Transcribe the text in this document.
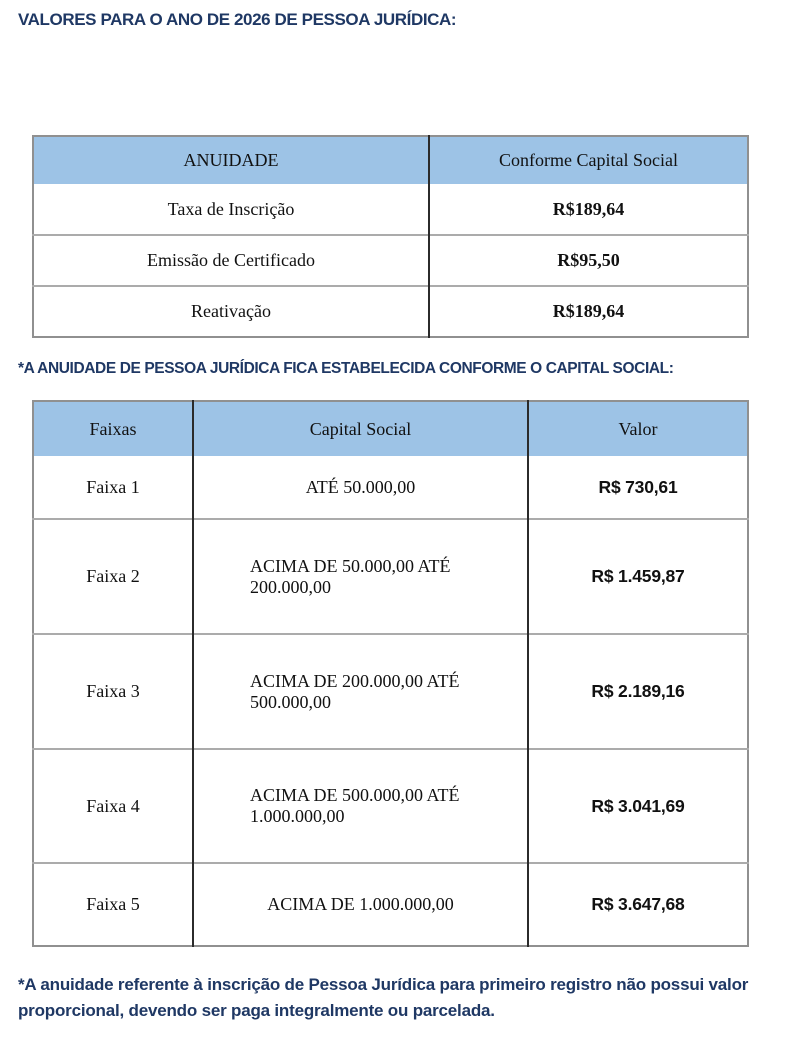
VALORES PARA O ANO DE 2026 DE PESSOA JURÍDICA:
ANUIDADE	Conforme Capital Social
Taxa de Inscrição	R$189,64
Emissão de Certificado	R$95,50
Reativação	R$189,64
*A ANUIDADE DE PESSOA JURÍDICA FICA ESTABELECIDA CONFORME O CAPITAL SOCIAL:
Faixas	Capital Social	Valor
Faixa 1	ATÉ 50.000,00	R$ 730,61
Faixa 2	ACIMA DE 50.000,00 ATÉ 200.000,00	R$ 1.459,87
Faixa 3	ACIMA DE 200.000,00 ATÉ 500.000,00	R$ 2.189,16
Faixa 4	ACIMA DE 500.000,00 ATÉ 1.000.000,00	R$ 3.041,69
Faixa 5	ACIMA DE 1.000.000,00	R$ 3.647,68
*A anuidade referente à inscrição de Pessoa Jurídica para primeiro registro não possui valor proporcional, devendo ser paga integralmente ou parcelada.
